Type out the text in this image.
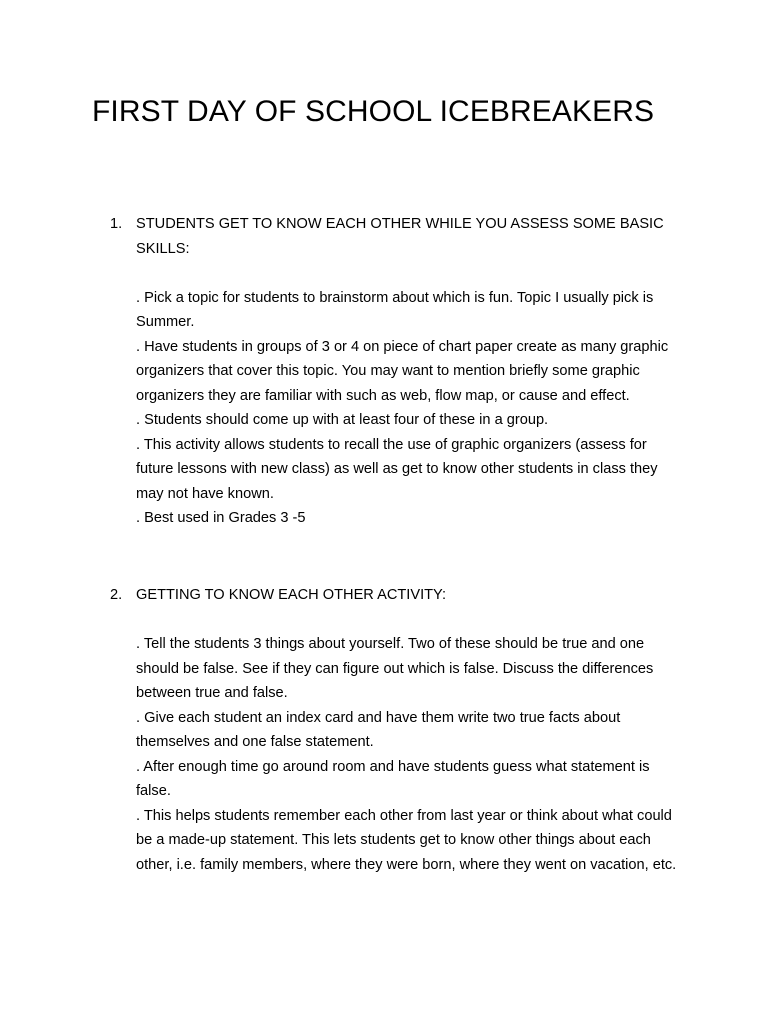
FIRST DAY OF SCHOOL ICEBREAKERS
1. STUDENTS GET TO KNOW EACH OTHER WHILE YOU ASSESS SOME BASIC SKILLS:
. Pick a topic for students to brainstorm about which is fun. Topic I usually pick is Summer.
. Have students in groups of 3 or 4 on piece of chart paper create as many graphic organizers that cover this topic. You may want to mention briefly some graphic organizers they are familiar with such as web, flow map, or cause and effect.
. Students should come up with at least four of these in a group.
. This activity allows students to recall the use of graphic organizers (assess for future lessons with new class) as well as get to know other students in class they may not have known.
. Best used in Grades 3 -5
2. GETTING TO KNOW EACH OTHER ACTIVITY:
. Tell the students 3 things about yourself. Two of these should be true and one should be false. See if they can figure out which is false. Discuss the differences between true and false.
. Give each student an index card and have them write two true facts about themselves and one false statement.
. After enough time go around room and have students guess what statement is false.
. This helps students remember each other from last year or think about what could be a made-up statement. This lets students get to know other things about each other, i.e. family members, where they were born, where they went on vacation, etc.
